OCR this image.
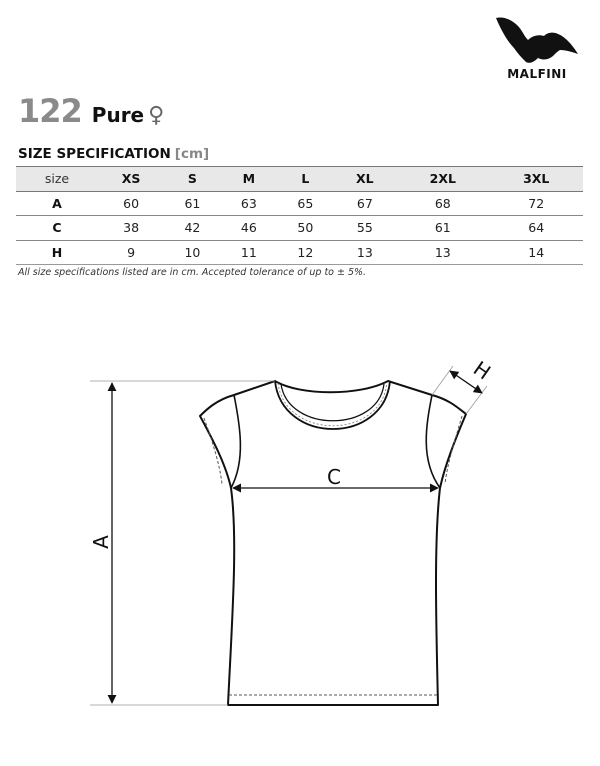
MALFINI
122 Pure ♀
SIZE SPECIFICATION [cm]
size	XS	S	M	L	XL	2XL	3XL
A	60	61	63	65	67	68	72
C	38	42	46	50	55	61	64
H	9	10	11	12	13	13	14
All size specifications listed are in cm. Accepted tolerance of up to ± 5%.
A
C
H
